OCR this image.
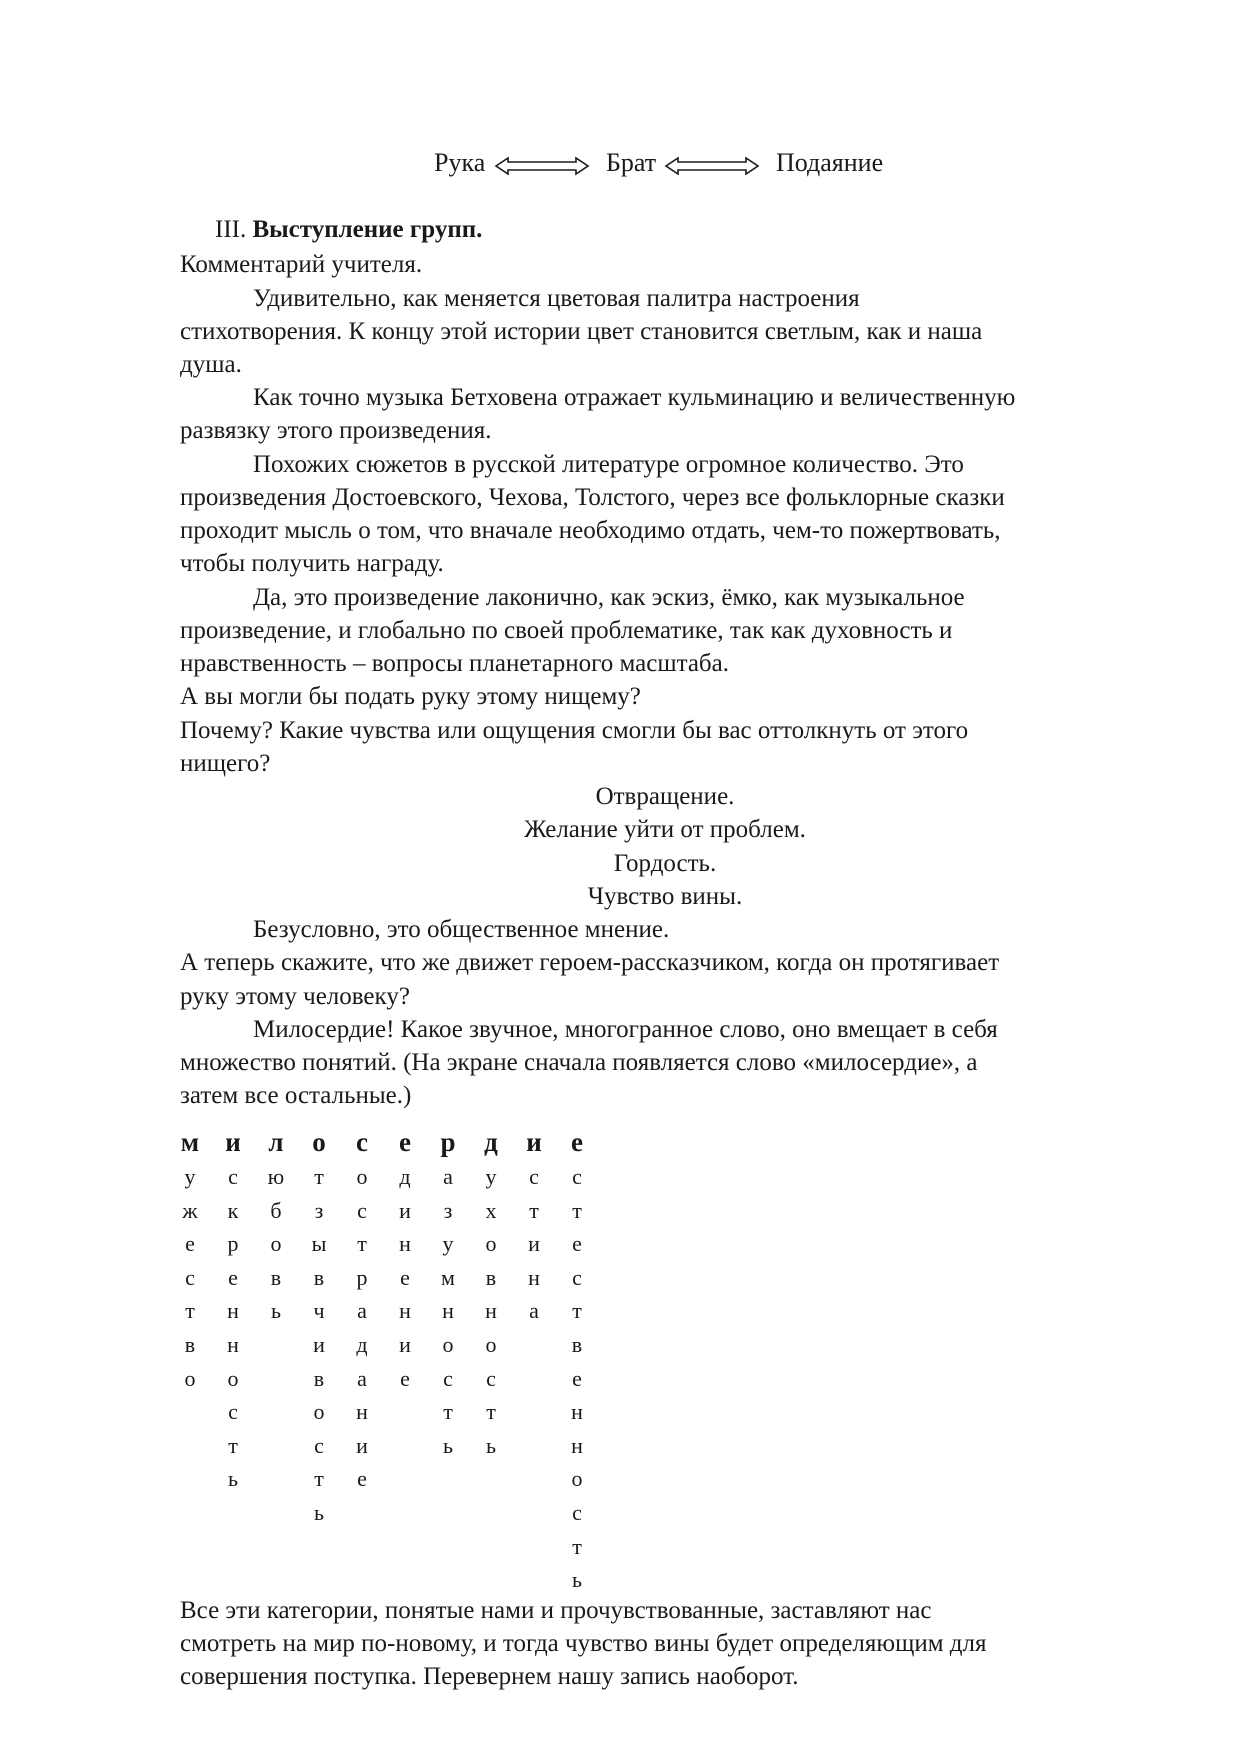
Рука	Брат	Подаяние
III. Выступление групп.
Комментарий учителя.
Удивительно, как меняется цветовая палитра настроения
стихотворения. К концу этой истории цвет становится светлым, как и наша
душа.
Как точно музыка Бетховена отражает кульминацию и величественную
развязку этого произведения.
Похожих сюжетов в русской литературе огромное количество. Это
произведения Достоевского, Чехова, Толстого, через все фольклорные сказки
проходит мысль о том, что вначале необходимо отдать, чем-то пожертвовать,
чтобы получить награду.
Да, это произведение лаконично, как эскиз, ёмко, как музыкальное
произведение, и глобально по своей проблематике, так как духовность и
нравственность – вопросы планетарного масштаба.
А вы могли бы подать руку этому нищему?
Почему? Какие чувства или ощущения смогли бы вас оттолкнуть от этого
нищего?
Отвращение.
Желание уйти от проблем.
Гордость.
Чувство вины.
Безусловно, это общественное мнение.
А теперь скажите, что же движет героем-рассказчиком, когда он протягивает
руку этому человеку?
Милосердие! Какое звучное, многогранное слово, оно вмещает в себя
множество понятий. (На экране сначала появляется слово «милосердие», а
затем все остальные.)
м
у
ж
е
с
т
в
о
и
с
к
р
е
н
н
о
с
т
ь
л
ю
б
о
в
ь
о
т
з
ы
в
ч
и
в
о
с
т
ь
с
о
с
т
р
а
д
а
н
и
е
е
д
и
н
е
н
и
е
р
а
з
у
м
н
о
с
т
ь
д
у
х
о
в
н
о
с
т
ь
и
с
т
и
н
а
е
с
т
е
с
т
в
е
н
н
о
с
т
ь
Все эти категории, понятые нами и прочувствованные, заставляют нас
смотреть на мир по-новому, и тогда чувство вины будет определяющим для
совершения поступка. Перевернем нашу запись наоборот.
